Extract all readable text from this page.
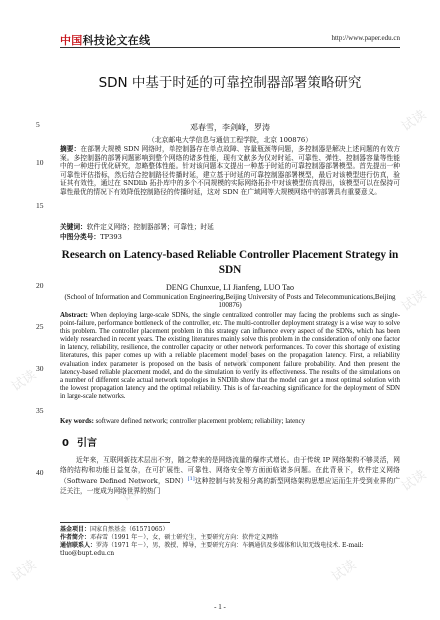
试读
试读
试读
试读
试读
试读
试读
试读
中国科技论文在线	http://www.paper.edu.cn
SDN 中基于时延的可靠控制器部署策略研究
邓春雪，李剑峰，罗涛
（北京邮电大学信息与通信工程学院，北京 100876）
摘要：在部署大规模 SDN 网络时，单控制器存在单点故障、容量瓶颈等问题，多控制器是解决上述问题的有效方案。多控制器的部署问题影响到整个网络的诸多性能，现有文献多为仅对时延、可靠性、弹性、控制器容量等性能中的一种进行优化研究，忽略整体性能。针对该问题本文提出一种基于时延的可靠控制器部署模型。首先提出一种可靠性评估指标，然后结合控制路径传播时延，建立基于时延的可靠控制器部署模型，最后对该模型进行仿真，验证其有效性，通过在 SNDlib 拓扑库中的多个不同规模的实际网络拓扑中对该模型仿真得出，该模型可以在保持可靠性最优的情况下有效降低控制路径的传播时延，这对 SDN 在广域网等大规模网络中的部署具有重要意义。
关键词：软件定义网络；控制器部署；可靠性；时延
中图分类号：TP393
Research on Latency-based Reliable Controller Placement Strategy in SDN
DENG Chunxue, LI Jianfeng, LUO Tao
(School of Information and Communication Engineering,Beijing University of Posts and Telecommunications,Beijing 100876)
Abstract: When deploying large-scale SDNs, the single centralized controller may facing the problems such as single-point-failure, performance bottleneck of the controller, etc. The multi-controller deployment strategy is a wise way to solve this problem. The controller placement problem in this strategy can influence every aspect of the SDNs, which has been widely researched in recent years. The existing literatures mainly solve this problem in the consideration of only one factor in latency, reliability, resilience, the controller capacity or other network performances. To cover this shortage of existing literatures, this paper comes up with a reliable placement model bases on the propagation latency. First, a reliability evaluation index parameter is proposed on the basis of network component failure probability. And then present the latency-based reliable placement model, and do the simulation to verify its effectiveness. The results of the simulations on a number of different scale actual network topologies in SNDlib show that the model can get a most optimal solution with the lowest propagation latency and the optimal reliability. This is of far-reaching significance for the deployment of SDN in large-scale networks.
Key words: software defined network; controller placement problem; reliability; latency
0 引言
近年来，互联网新技术层出不穷，随之带来的是网络流量的爆炸式增长。由于传统 IP 网络架构不够灵活，网络的结构和功能日益复杂，在可扩展性、可靠性、网络安全等方面面临诸多问题。在此背景下，软件定义网络（Software Defined Network，SDN）[1]这种控制与转发相分离的新型网络架构思想应运而生并受到业界的广泛关注，一度成为网络世界的热门
基金项目：国家自然基金（61571065）
作者简介：邓春雪（1991 年－），女，硕士研究生，主要研究方向：软件定义网络
通信联系人：罗涛（1971 年－），男，教授、博导，主要研究方向：车辆通信及多媒体和认知无线电技术. E-mail: tluo@bupt.edu.cn
5
10
15
20
25
30
35
40
- 1 -
